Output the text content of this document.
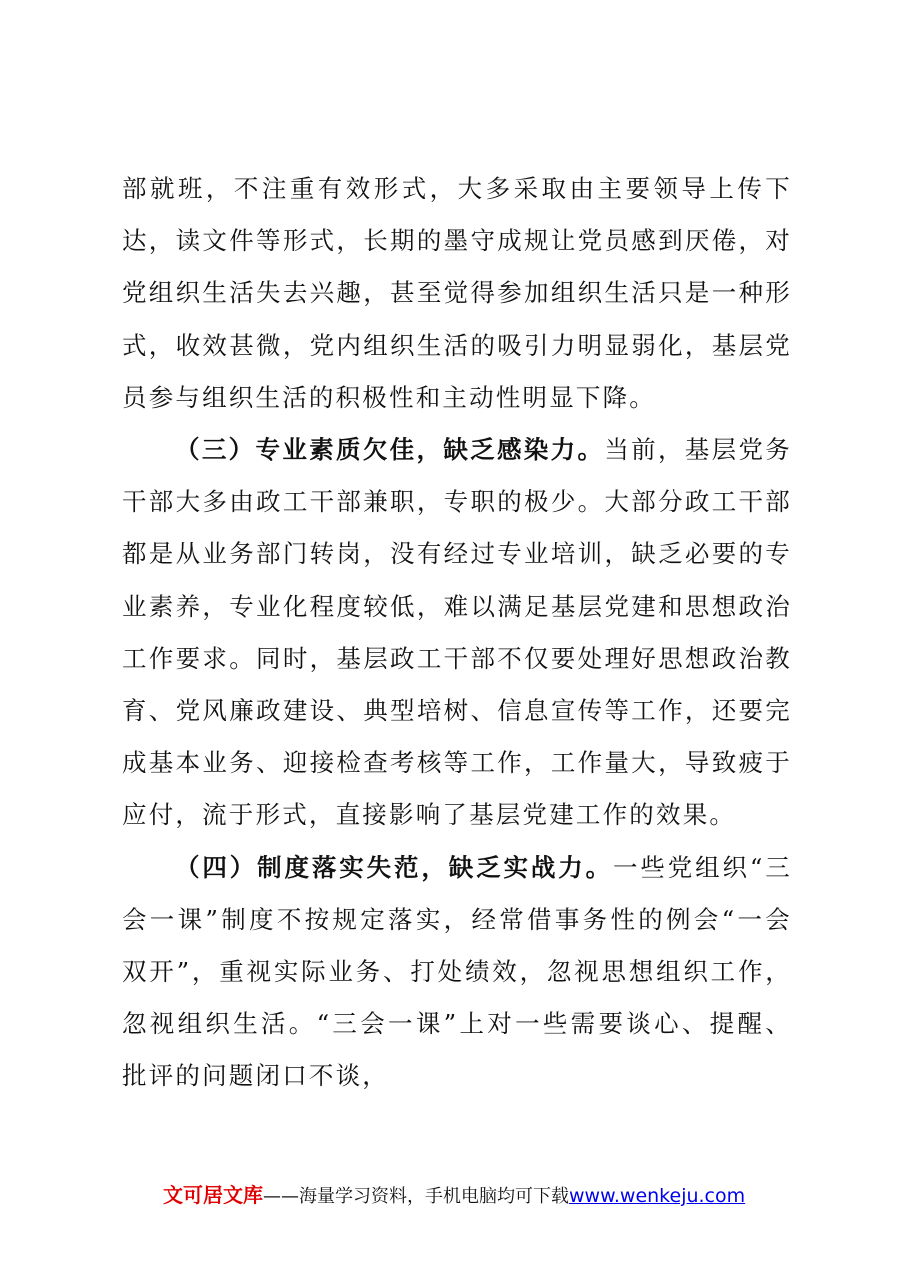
部就班，不注重有效形式，大多采取由主要领导上传下达，读文件等形式，长期的墨守成规让党员感到厌倦，对党组织生活失去兴趣，甚至觉得参加组织生活只是一种形式，收效甚微，党内组织生活的吸引力明显弱化，基层党员参与组织生活的积极性和主动性明显下降。

（三）专业素质欠佳，缺乏感染力。当前，基层党务干部大多由政工干部兼职，专职的极少。大部分政工干部都是从业务部门转岗，没有经过专业培训，缺乏必要的专业素养，专业化程度较低，难以满足基层党建和思想政治工作要求。同时，基层政工干部不仅要处理好思想政治教育、党风廉政建设、典型培树、信息宣传等工作，还要完成基本业务、迎接检查考核等工作，工作量大，导致疲于应付，流于形式，直接影响了基层党建工作的效果。

（四）制度落实失范，缺乏实战力。一些党组织“三会一课”制度不按规定落实，经常借事务性的例会“一会双开”，重视实际业务、打处绩效，忽视思想组织工作，忽视组织生活。“三会一课”上对一些需要谈心、提醒、批评的问题闭口不谈，

文可居文库——海量学习资料，手机电脑均可下载www.wenkeju.com
